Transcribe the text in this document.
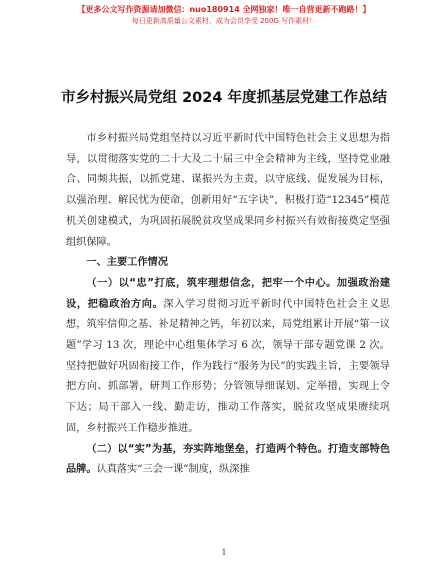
【更多公文写作资源请加微信：nuo180914 全网独家！唯一自营更新不跑路！】
每日更新高质量公文素材，成为会员享受 200G 写作素材！
市乡村振兴局党组 2024 年度抓基层党建工作总结

市乡村振兴局党组坚持以习近平新时代中国特色社会主义思想为指导，以贯彻落实党的二十大及二十届三中全会精神为主线，坚持党业融合、同频共振，以抓党建、谋振兴为主责，以守底线、促发展为目标，以强治理、解民忧为使命，创新用好“五字诀”，积极打造“12345”模范机关创建模式，为巩固拓展脱贫攻坚成果同乡村振兴有效衔接奠定坚强组织保障。

一、主要工作情况

（一）以“忠”打底，筑牢理想信念，把牢一个中心。加强政治建设，把稳政治方向。深入学习贯彻习近平新时代中国特色社会主义思想，筑牢信仰之基、补足精神之钙，年初以来，局党组累计开展“第一议题”学习 13 次，理论中心组集体学习 6 次，领导干部专题党课 2 次。坚持把做好巩固衔接工作，作为践行“服务为民”的实践主旨，主要领导把方向、抓部署，研判工作形势；分管领导细谋划、定举措，实现上令下达；局干部入一线、勤走访，推动工作落实，脱贫攻坚成果赓续巩固，乡村振兴工作稳步推进。

（二）以“实”为基，夯实阵地堡垒，打造两个特色。打造支部特色品牌。认真落实“三会一课”制度，纵深推

1
